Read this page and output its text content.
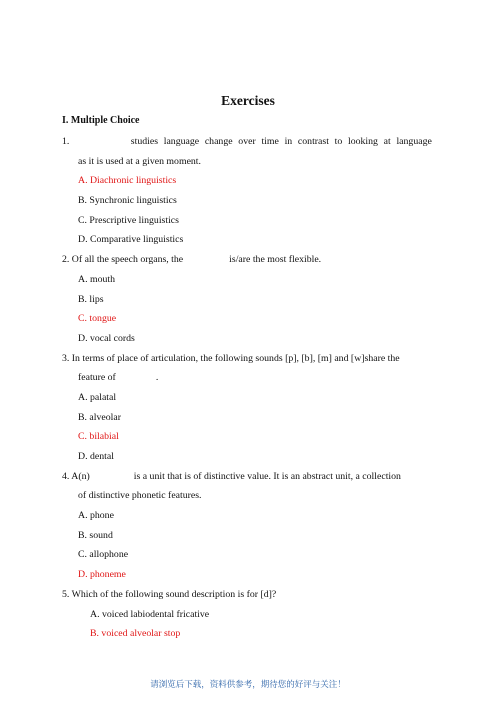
Exercises
I. Multiple Choice
1.	studies language change over time in contrast to looking at language
as it is used at a given moment.
A. Diachronic linguistics
B. Synchronic linguistics
C. Prescriptive linguistics
D. Comparative linguistics
2. Of all the speech organs, the	is/are the most flexible.
A. mouth
B. lips
C. tongue
D. vocal cords
3. In terms of place of articulation, the following sounds [p], [b], [m] and [w]share the
feature of	.
A. palatal
B. alveolar
C. bilabial
D. dental
4. A(n)	is a unit that is of distinctive value. It is an abstract unit, a collection
of distinctive phonetic features.
A. phone
B. sound
C. allophone
D. phoneme
5. Which of the following sound description is for [d]?
A. voiced labiodental fricative
B. voiced alveolar stop
请浏览后下载，资料供参考，期待您的好评与关注！
